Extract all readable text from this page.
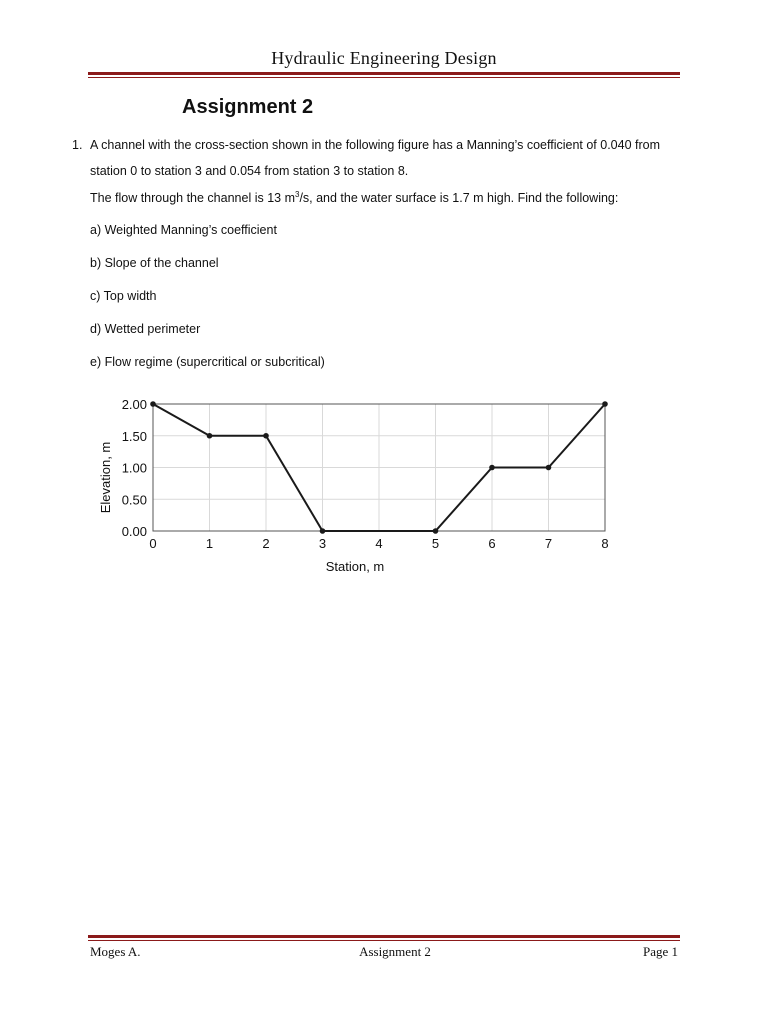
Hydraulic Engineering Design
Assignment 2
1. A channel with the cross-section shown in the following figure has a Manning’s coefficient of 0.040 from
station 0 to station 3 and 0.054 from station 3 to station 8.
The flow through the channel is 13 $m^3/s$, and the water surface is 1.7 m high. Find the following:
a) Weighted Manning’s coefficient
b) Slope of the channel
c) Top width
d) Wetted perimeter
e) Flow regime (supercritical or subcritical)
0	1	2	3	4	5	6	7	8
0.00
0.50
1.00
1.50
2.00
Station, m
Elevation, m
Moges A.	Assignment 2	Page 1
